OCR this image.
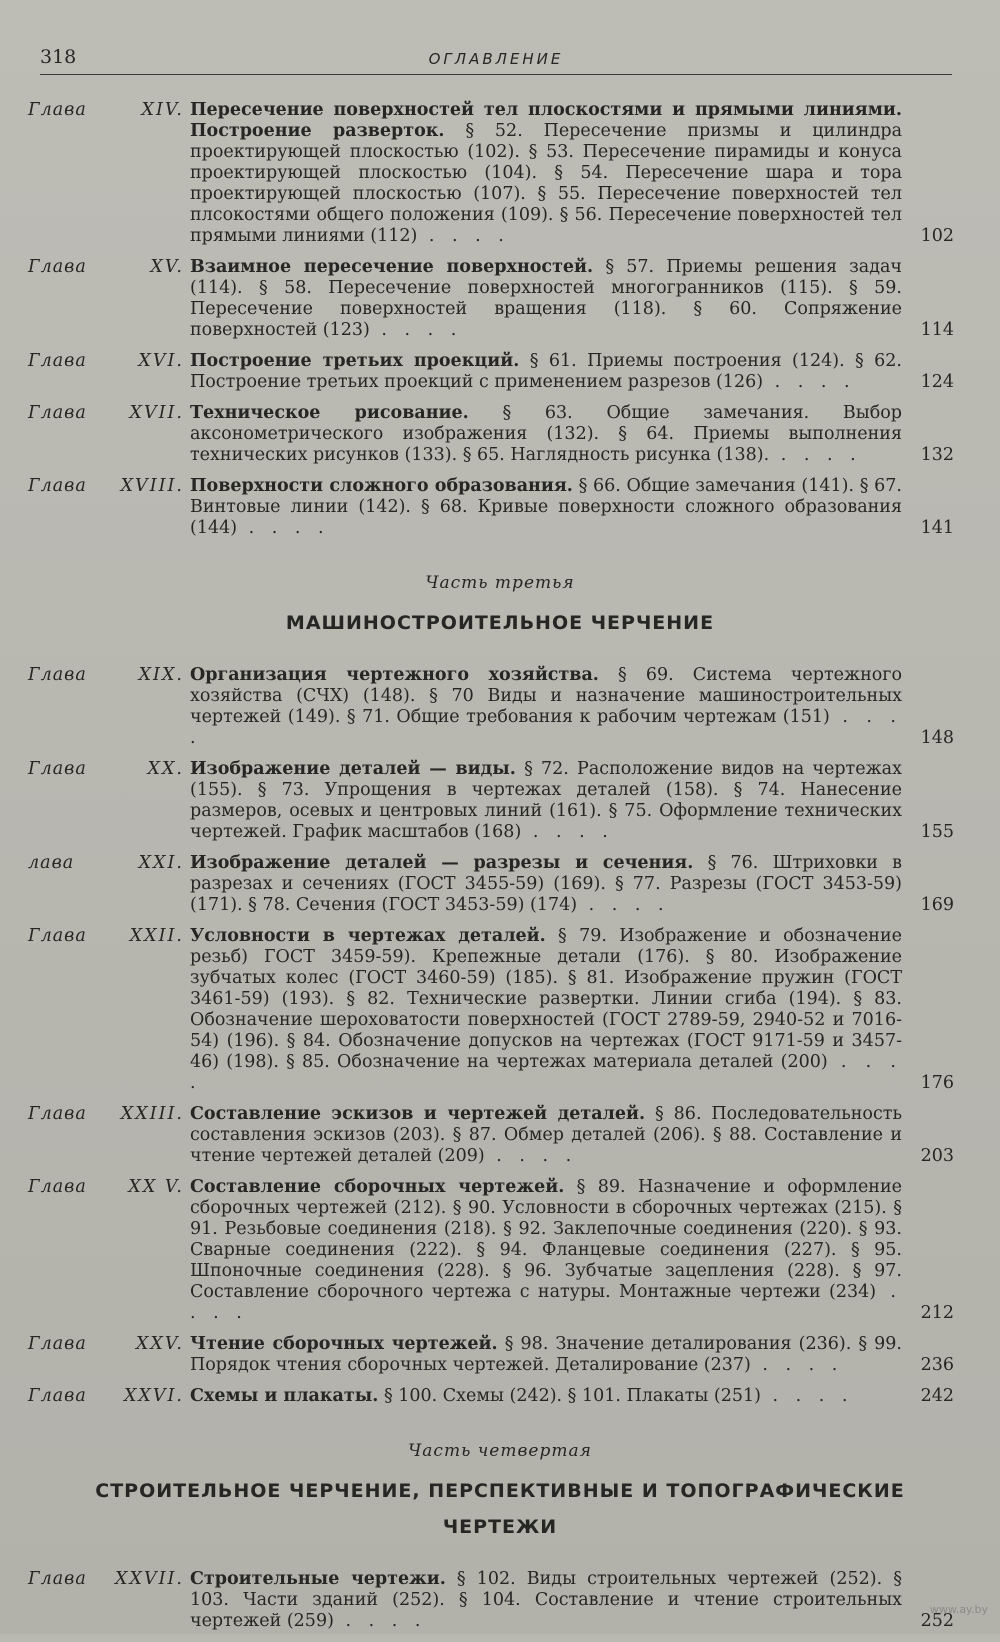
318	ОГЛАВЛЕНИЕ
Глава	XIV. Пересечение поверхностей тел плоскостями и прямыми линиями. Построение разверток. § 52. Пересечение призмы и цилиндра проектирующей плоскостью (102). § 53. Пересечение пирамиды и конуса проектирующей плоскостью (104). § 54. Пересечение шара и тора проектирующей плоскостью (107). § 55. Пересечение поверхностей тел плсокостями общего положения (109). § 56. Пересечение поверхностей тел прямыми линиями (112) . . . .	102
Глава	XV. Взаимное пересечение поверхностей. § 57. Приемы решения задач (114). § 58. Пересечение поверхностей многогранников (115). § 59. Пересечение поверхностей вращения (118). § 60. Сопряжение поверхностей (123) . . . .	114
Глава	XVI. Построение третьих проекций. § 61. Приемы построения (124). § 62. Построение третьих проекций с применением разрезов (126) . . . .	124
Глава	XVII. Техническое рисование. § 63. Общие замечания. Выбор аксонометрического изображения (132). § 64. Приемы выполнения технических рисунков (133). § 65. Наглядность рисунка (138). . . . .	132
Глава	XVIII. Поверхности сложного образования. § 66. Общие замечания (141). § 67. Винтовые линии (142). § 68. Кривые поверхности сложного образования (144) . . . .	141
Часть третья
МАШИНОСТРОИТЕЛЬНОЕ ЧЕРЧЕНИЕ
Глава	XIX. Организация чертежного хозяйства. § 69. Система чертежного хозяйства (СЧХ) (148). § 70 Виды и назначение машиностроительных чертежей (149). § 71. Общие требования к рабочим чертежам (151) . . . .	148
Глава	XX. Изображение деталей — виды. § 72. Расположение видов на чертежах (155). § 73. Упрощения в чертежах деталей (158). § 74. Нанесение размеров, осевых и центровых линий (161). § 75. Оформление технических чертежей. График масштабов (168) . . . .	155
лава	XXI. Изображение деталей — разрезы и сечения. § 76. Штриховки в разрезах и сечениях (ГОСТ 3455-59) (169). § 77. Разрезы (ГОСТ 3453-59) (171). § 78. Сечения (ГОСТ 3453-59) (174) . . . .	169
Глава	XXII. Условности в чертежах деталей. § 79. Изображение и обозначение резьб) ГОСТ 3459-59). Крепежные детали (176). § 80. Изображение зубчатых колес (ГОСТ 3460-59) (185). § 81. Изображение пружин (ГОСТ 3461-59) (193). § 82. Технические развертки. Линии сгиба (194). § 83. Обозначение шероховатости поверхностей (ГОСТ 2789-59, 2940-52 и 7016-54) (196). § 84. Обозначение допусков на чертежах (ГОСТ 9171-59 и 3457-46) (198). § 85. Обозначение на чертежах материала деталей (200) . . . .	176
Глава	XXIII. Составление эскизов и чертежей деталей. § 86. Последовательность составления эскизов (203). § 87. Обмер деталей (206). § 88. Составление и чтение чертежей деталей (209) . . . .	203
Глава	XX V. Составление сборочных чертежей. § 89. Назначение и оформление сборочных чертежей (212). § 90. Условности в сборочных чертежах (215). § 91. Резьбовые соединения (218). § 92. Заклепочные соединения (220). § 93. Сварные соединения (222). § 94. Фланцевые соединения (227). § 95. Шпоночные соединения (228). § 96. Зубчатые зацепления (228). § 97. Составление сборочного чертежа с натуры. Монтажные чертежи (234) . . . .	212
Глава	XXV. Чтение сборочных чертежей. § 98. Значение деталирования (236). § 99. Порядок чтения сборочных чертежей. Деталирование (237) . . . .	236
Глава	XXVI. Схемы и плакаты. § 100. Схемы (242). § 101. Плакаты (251) . . . .	242
Часть четвертая
СТРОИТЕЛЬНОЕ ЧЕРЧЕНИЕ, ПЕРСПЕКТИВНЫЕ И ТОПОГРАФИЧЕСКИЕ ЧЕРТЕЖИ
Глава	XXVII. Строительные чертежи. § 102. Виды строительных чертежей (252). § 103. Части зданий (252). § 104. Составление и чтение строительных чертежей (259) . . . .	252
www.ay.by
